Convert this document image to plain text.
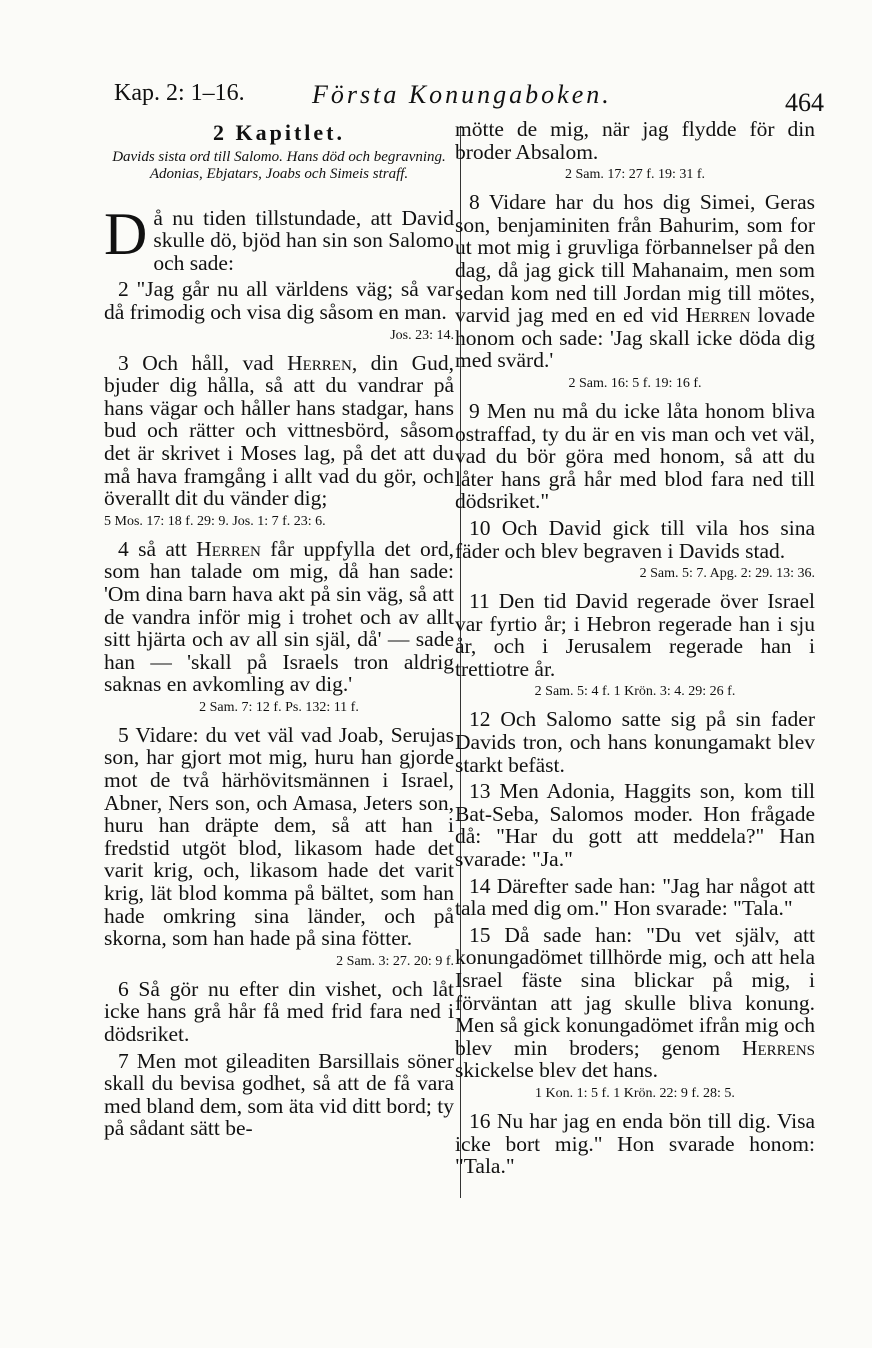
Kap. 2: 1–16.	Första Konungaboken.	464
2 Kapitlet.
Davids sista ord till Salomo. Hans död och begravning. Adonias, Ebjatars, Joabs och Simeis straff.

Då nu tiden tillstundade, att David skulle dö, bjöd han sin son Salomo och sade:

2 "Jag går nu all världens väg; så var då frimodig och visa dig såsom en man.

Jos. 23: 14.

3 Och håll, vad Herren, din Gud, bjuder dig hålla, så att du vandrar på hans vägar och håller hans stadgar, hans bud och rätter och vittnesbörd, såsom det är skrivet i Moses lag, på det att du må hava framgång i allt vad du gör, och överallt dit du vänder dig;

5 Mos. 17: 18 f. 29: 9. Jos. 1: 7 f. 23: 6.

4 så att Herren får uppfylla det ord, som han talade om mig, då han sade: 'Om dina barn hava akt på sin väg, så att de vandra inför mig i trohet och av allt sitt hjärta och av all sin själ, då' — sade han — 'skall på Israels tron aldrig saknas en avkomling av dig.'

2 Sam. 7: 12 f. Ps. 132: 11 f.

5 Vidare: du vet väl vad Joab, Serujas son, har gjort mot mig, huru han gjorde mot de två härhövitsmännen i Israel, Abner, Ners son, och Amasa, Jeters son, huru han dräpte dem, så att han i fredstid utgöt blod, likasom hade det varit krig, och, likasom hade det varit krig, lät blod komma på bältet, som han hade omkring sina länder, och på skorna, som han hade på sina fötter.

2 Sam. 3: 27. 20: 9 f.

6 Så gör nu efter din vishet, och låt icke hans grå hår få med frid fara ned i dödsriket.

7 Men mot gileaditen Barsillais söner skall du bevisa godhet, så att de få vara med bland dem, som äta vid ditt bord; ty på sådant sätt be-

mötte de mig, när jag flydde för din broder Absalom.

2 Sam. 17: 27 f. 19: 31 f.

8 Vidare har du hos dig Simei, Geras son, benjaminiten från Bahurim, som for ut mot mig i gruvliga förbannelser på den dag, då jag gick till Mahanaim, men som sedan kom ned till Jordan mig till mötes, varvid jag med en ed vid Herren lovade honom och sade: 'Jag skall icke döda dig med svärd.'

2 Sam. 16: 5 f. 19: 16 f.

9 Men nu må du icke låta honom bliva ostraffad, ty du är en vis man och vet väl, vad du bör göra med honom, så att du låter hans grå hår med blod fara ned till dödsriket."

10 Och David gick till vila hos sina fäder och blev begraven i Davids stad.

2 Sam. 5: 7. Apg. 2: 29. 13: 36.

11 Den tid David regerade över Israel var fyrtio år; i Hebron regerade han i sju år, och i Jerusalem regerade han i trettiotre år.

2 Sam. 5: 4 f. 1 Krön. 3: 4. 29: 26 f.

12 Och Salomo satte sig på sin fader Davids tron, och hans konungamakt blev starkt befäst.

13 Men Adonia, Haggits son, kom till Bat-Seba, Salomos moder. Hon frågade då: "Har du gott att meddela?" Han svarade: "Ja."

14 Därefter sade han: "Jag har något att tala med dig om." Hon svarade: "Tala."

15 Då sade han: "Du vet själv, att konungadömet tillhörde mig, och att hela Israel fäste sina blickar på mig, i förväntan att jag skulle bliva konung. Men så gick konungadömet ifrån mig och blev min broders; genom Herrens skickelse blev det hans.

1 Kon. 1: 5 f. 1 Krön. 22: 9 f. 28: 5.

16 Nu har jag en enda bön till dig. Visa icke bort mig." Hon svarade honom: "Tala."
